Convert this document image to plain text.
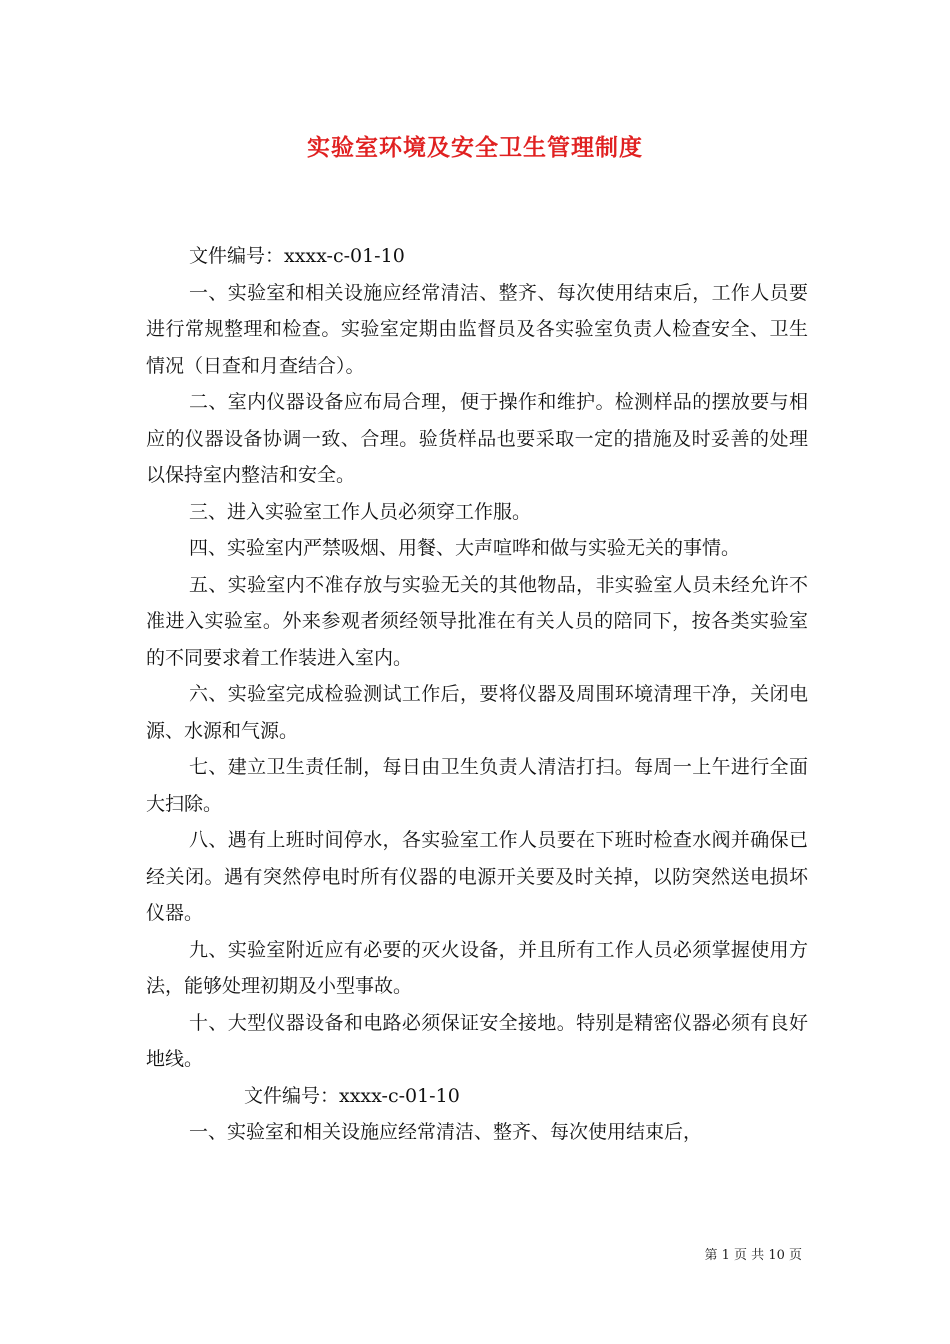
实验室环境及安全卫生管理制度

文件编号：xxxx-c-01-10

一、实验室和相关设施应经常清洁、整齐、每次使用结束后，工作人员要进行常规整理和检查。实验室定期由监督员及各实验室负责人检查安全、卫生情况（日查和月查结合）。

二、室内仪器设备应布局合理，便于操作和维护。检测样品的摆放要与相应的仪器设备协调一致、合理。验货样品也要采取一定的措施及时妥善的处理以保持室内整洁和安全。

三、进入实验室工作人员必须穿工作服。

四、实验室内严禁吸烟、用餐、大声喧哗和做与实验无关的事情。

五、实验室内不准存放与实验无关的其他物品，非实验室人员未经允许不准进入实验室。外来参观者须经领导批准在有关人员的陪同下，按各类实验室的不同要求着工作装进入室内。

六、实验室完成检验测试工作后，要将仪器及周围环境清理干净，关闭电源、水源和气源。

七、建立卫生责任制，每日由卫生负责人清洁打扫。每周一上午进行全面大扫除。

八、遇有上班时间停水，各实验室工作人员要在下班时检查水阀并确保已经关闭。遇有突然停电时所有仪器的电源开关要及时关掉，以防突然送电损坏仪器。

九、实验室附近应有必要的灭火设备，并且所有工作人员必须掌握使用方法，能够处理初期及小型事故。

十、大型仪器设备和电路必须保证安全接地。特别是精密仪器必须有良好地线。

文件编号：xxxx-c-01-10

一、实验室和相关设施应经常清洁、整齐、每次使用结束后，

第 1 页 共 10 页
